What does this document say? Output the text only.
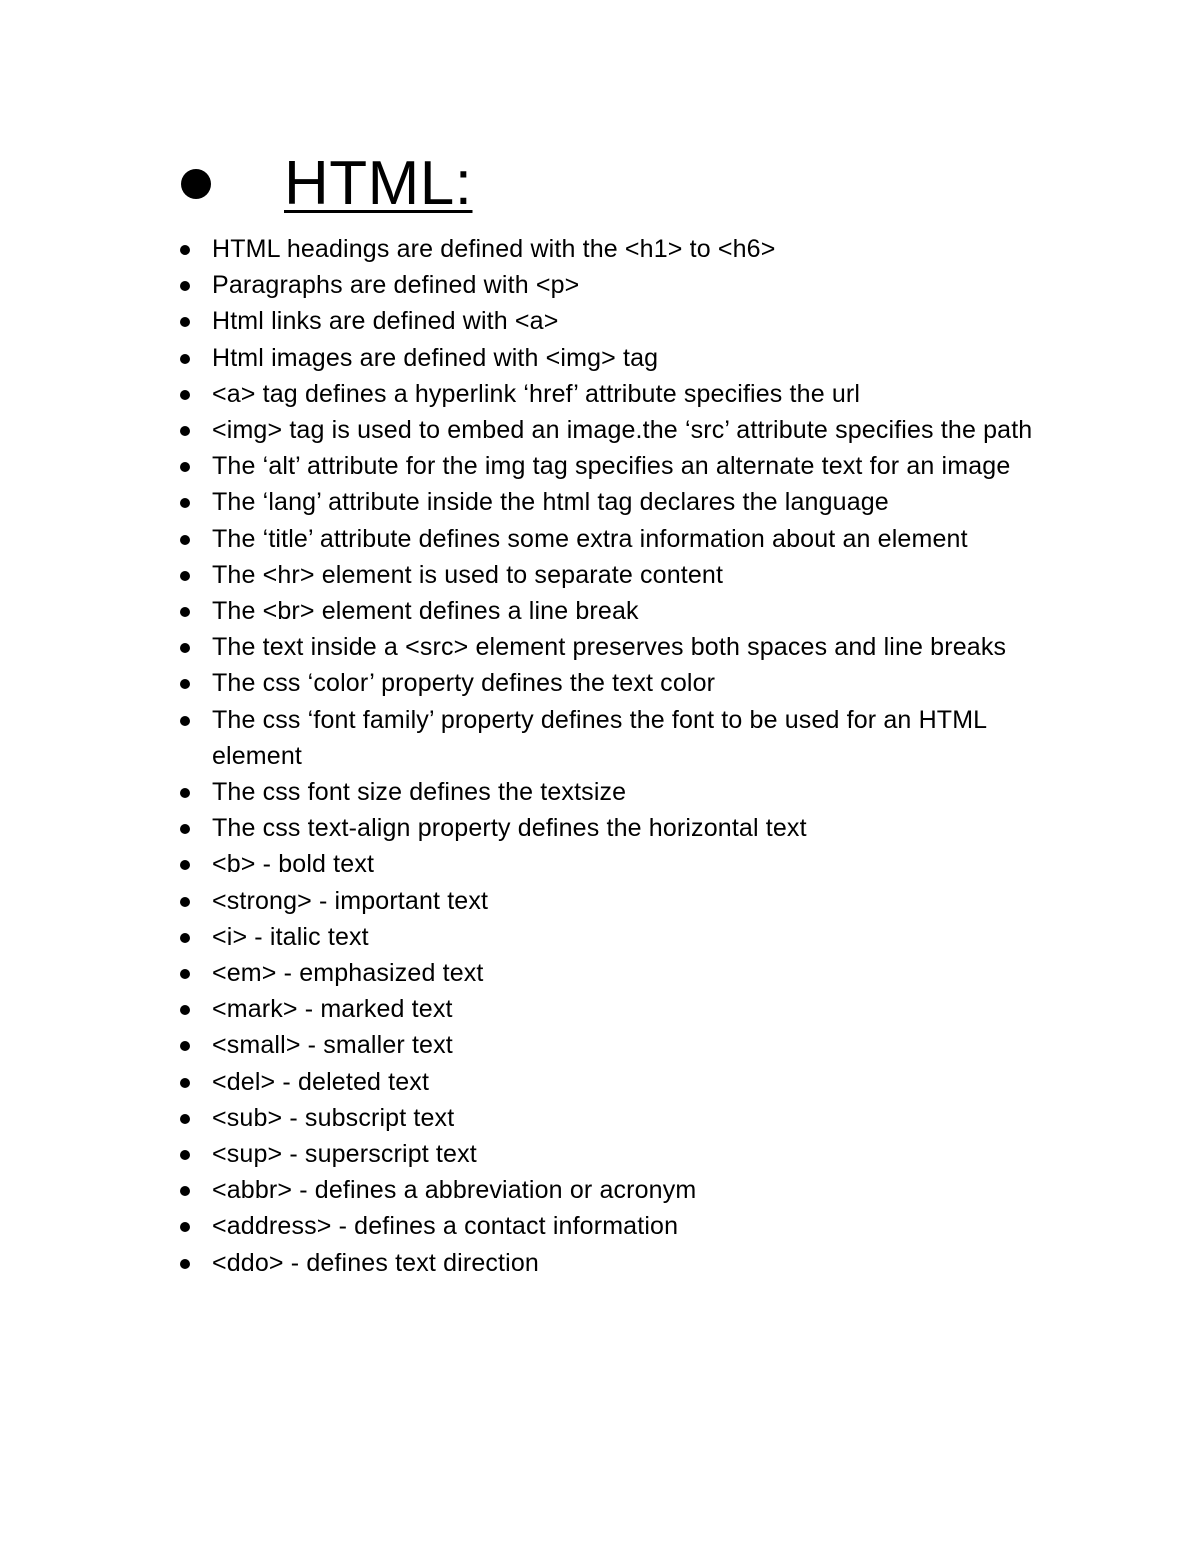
HTML:
HTML headings are defined with the <h1> to <h6>
Paragraphs are defined with <p>
Html links are defined with <a>
Html images are defined with <img> tag
<a> tag defines a hyperlink ‘href’ attribute specifies the url
<img> tag is used to embed an image.the ‘src’ attribute specifies the path
The ‘alt’ attribute for the img tag specifies an alternate text for an image
The ‘lang’ attribute inside the html tag declares the language
The ‘title’ attribute defines some extra information about an element
The <hr> element is used to separate content
The <br> element defines a line break
The text inside a <src> element preserves both spaces and line breaks
The css ‘color’ property defines the text color
The css ‘font family’ property defines the font to be used for an HTML element
The css font size defines the textsize
The css text-align property defines the horizontal text
<b> - bold text
<strong> - important text
<i> - italic text
<em> - emphasized text
<mark> - marked text
<small> - smaller text
<del> - deleted text
<sub> - subscript text
<sup> - superscript text
<abbr> - defines a abbreviation or acronym
<address> - defines a contact information
<ddo> - defines text direction
